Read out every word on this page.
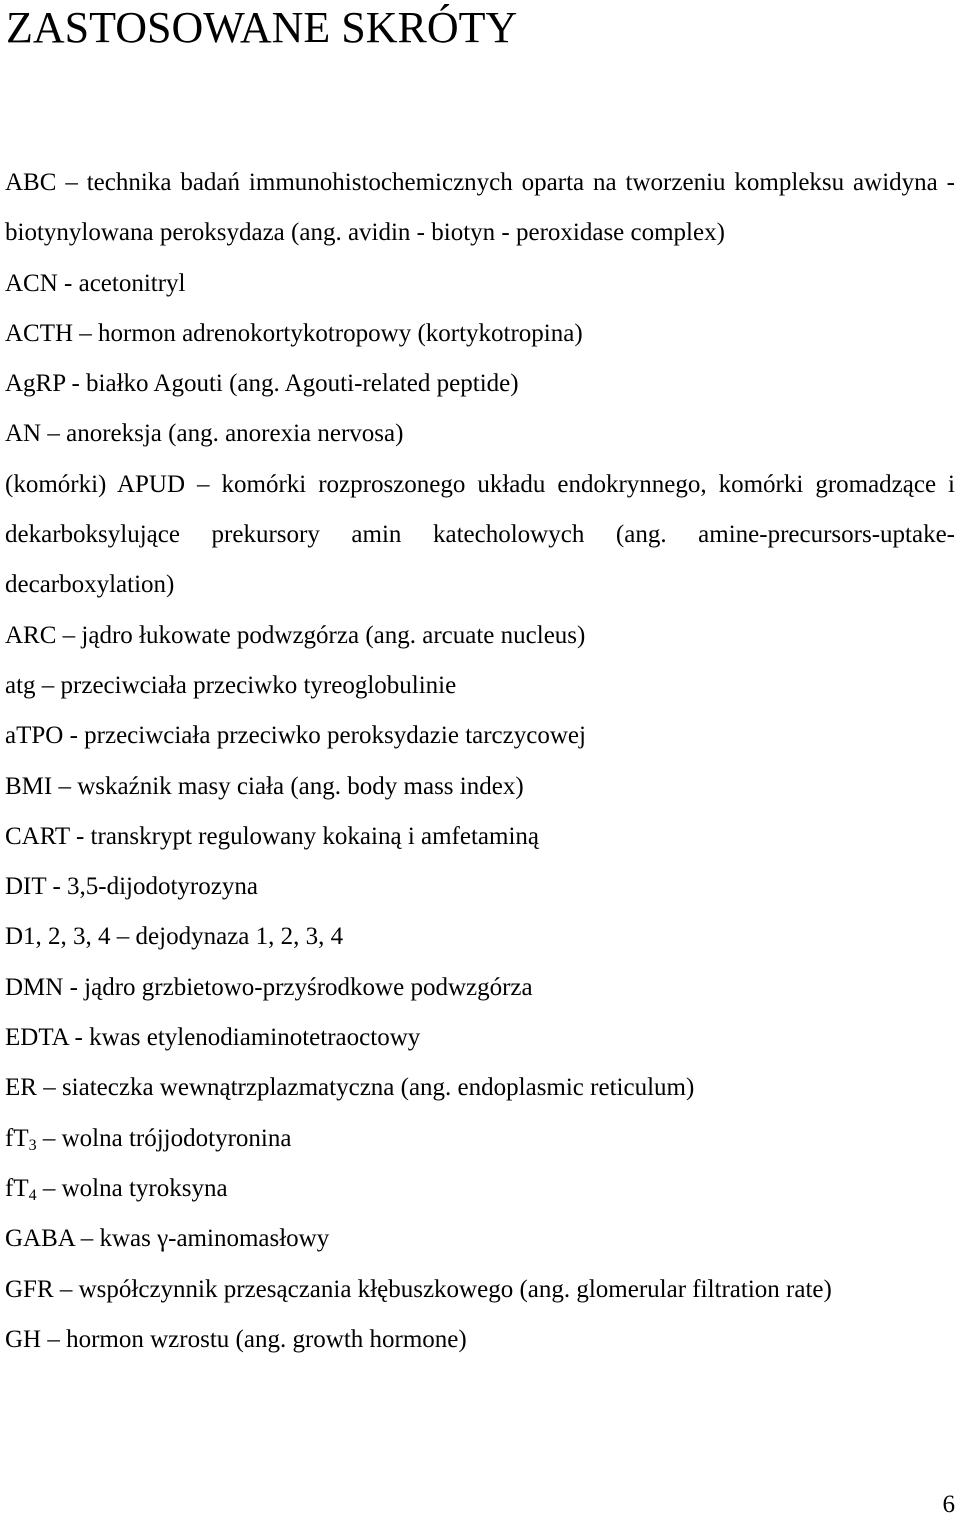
ZASTOSOWANE SKRÓTY

ABC – technika badań immunohistochemicznych oparta na tworzeniu kompleksu awidyna - biotynylowana peroksydaza (ang. avidin - biotyn - peroxidase complex)

ACN - acetonitryl

ACTH – hormon adrenokortykotropowy (kortykotropina)

AgRP - białko Agouti (ang. Agouti-related peptide)

AN – anoreksja (ang. anorexia nervosa)

(komórki) APUD – komórki rozproszonego układu endokrynnego, komórki gromadzące i dekarboksylujące prekursory amin katecholowych (ang. amine-precursors-uptake-decarboxylation)

ARC – jądro łukowate podwzgórza (ang. arcuate nucleus)

atg – przeciwciała przeciwko tyreoglobulinie

aTPO - przeciwciała przeciwko peroksydazie tarczycowej

BMI – wskaźnik masy ciała (ang. body mass index)

CART - transkrypt regulowany kokainą i amfetaminą

DIT - 3,5-dijodotyrozyna

D1, 2, 3, 4 – dejodynaza 1, 2, 3, 4

DMN - jądro grzbietowo-przyśrodkowe podwzgórza

EDTA - kwas etylenodiaminotetraoctowy

ER – siateczka wewnątrzplazmatyczna (ang. endoplasmic reticulum)

$fT_3$ – wolna trójjodotyronina

$fT_4$ – wolna tyroksyna

GABA – kwas γ-aminomasłowy

GFR – współczynnik przesączania kłębuszkowego (ang. glomerular filtration rate)

GH – hormon wzrostu (ang. growth hormone)

6
